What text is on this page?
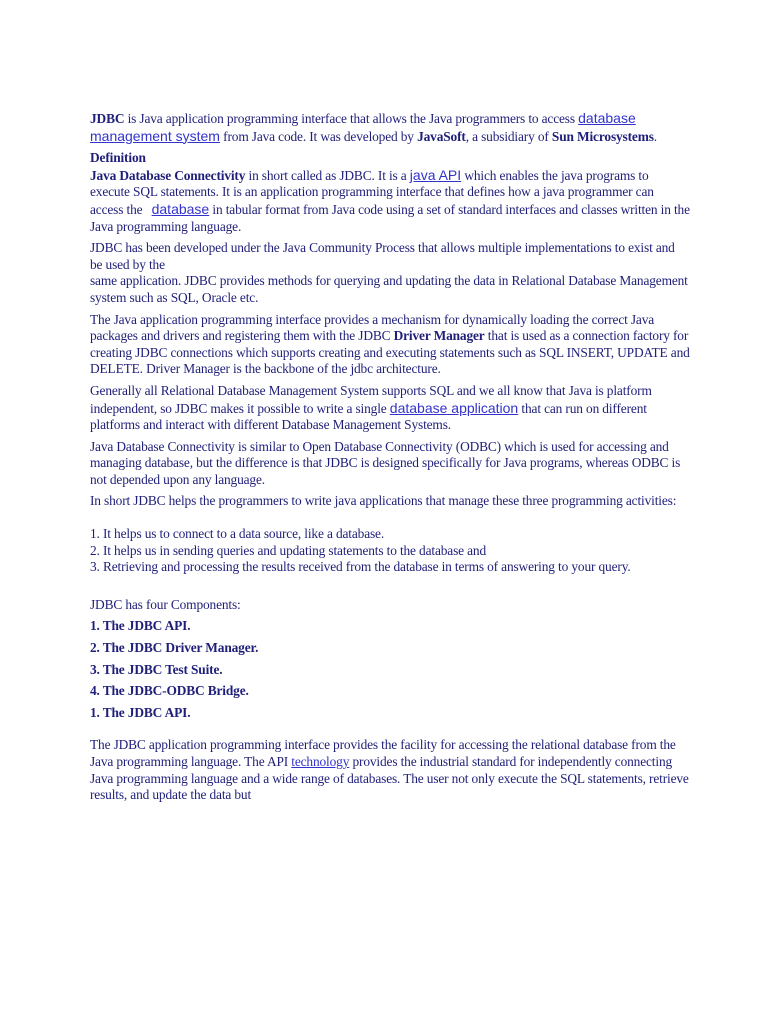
JDBC is Java application programming interface that allows the Java programmers to access database management system from Java code. It was developed by JavaSoft, a subsidiary of Sun Microsystems.

Definition

Java Database Connectivity in short called as JDBC. It is a java API which enables the java programs to execute SQL statements. It is an application programming interface that defines how a java programmer can access the database in tabular format from Java code using a set of standard interfaces and classes written in the Java programming language.

JDBC has been developed under the Java Community Process that allows multiple implementations to exist and be used by the
same application. JDBC provides methods for querying and updating the data in Relational Database Management system such as SQL, Oracle etc.

The Java application programming interface provides a mechanism for dynamically loading the correct Java packages and drivers and registering them with the JDBC Driver Manager that is used as a connection factory for creating JDBC connections which supports creating and executing statements such as SQL INSERT, UPDATE and DELETE. Driver Manager is the backbone of the jdbc architecture.

Generally all Relational Database Management System supports SQL and we all know that Java is platform independent, so JDBC makes it possible to write a single database application that can run on different platforms and interact with different Database Management Systems.

Java Database Connectivity is similar to Open Database Connectivity (ODBC) which is used for accessing and managing database, but the difference is that JDBC is designed specifically for Java programs, whereas ODBC is not depended upon any language.

In short JDBC helps the programmers to write java applications that manage these three programming activities:

1. It helps us to connect to a data source, like a database.
2. It helps us in sending queries and updating statements to the database and
3. Retrieving and processing the results received from the database in terms of answering to your query.

JDBC has four Components:

1. The JDBC API.

2. The JDBC Driver Manager.

3. The JDBC Test Suite.

4. The JDBC-ODBC Bridge.

1. The JDBC API.

The JDBC application programming interface provides the facility for accessing the relational database from the Java programming language. The API technology provides the industrial standard for independently connecting Java programming language and a wide range of databases. The user not only execute the SQL statements, retrieve results, and update the data but
